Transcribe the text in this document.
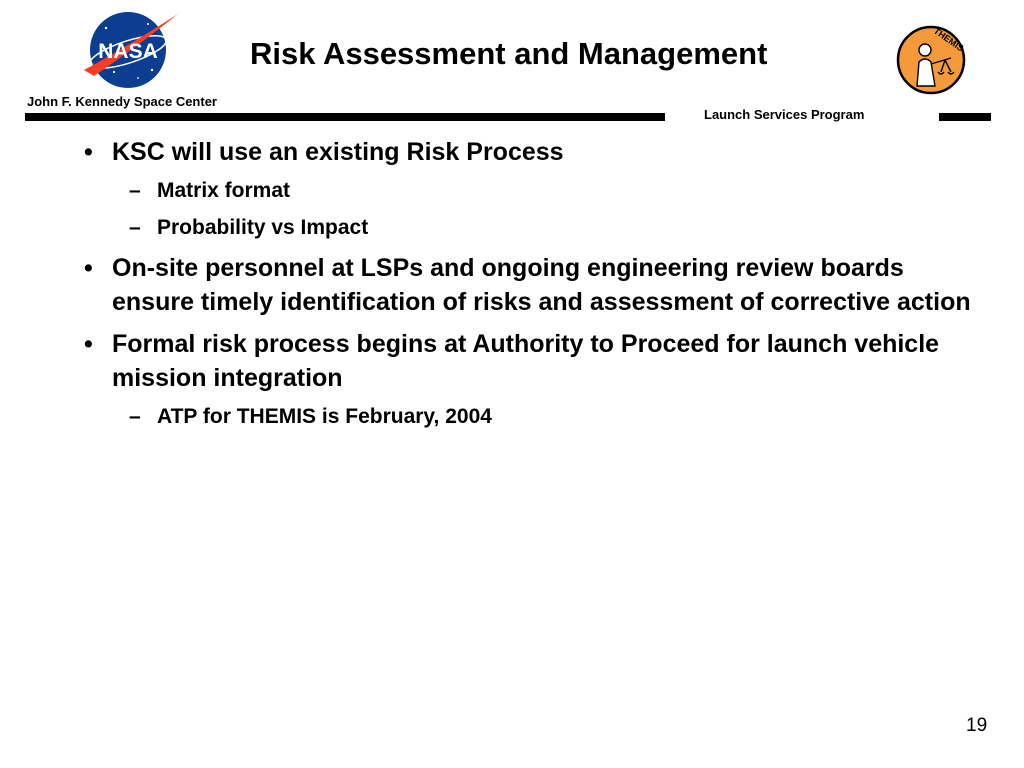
NASA	Risk Assessment and Management	THEMIS
John F. Kennedy Space Center
Launch Services Program
• KSC will use an existing Risk Process
– Matrix format
– Probability vs Impact
• On-site personnel at LSPs and ongoing engineering review boards ensure timely identification of risks and assessment of corrective action
• Formal risk process begins at Authority to Proceed for launch vehicle mission integration
– ATP for THEMIS is February, 2004
19
